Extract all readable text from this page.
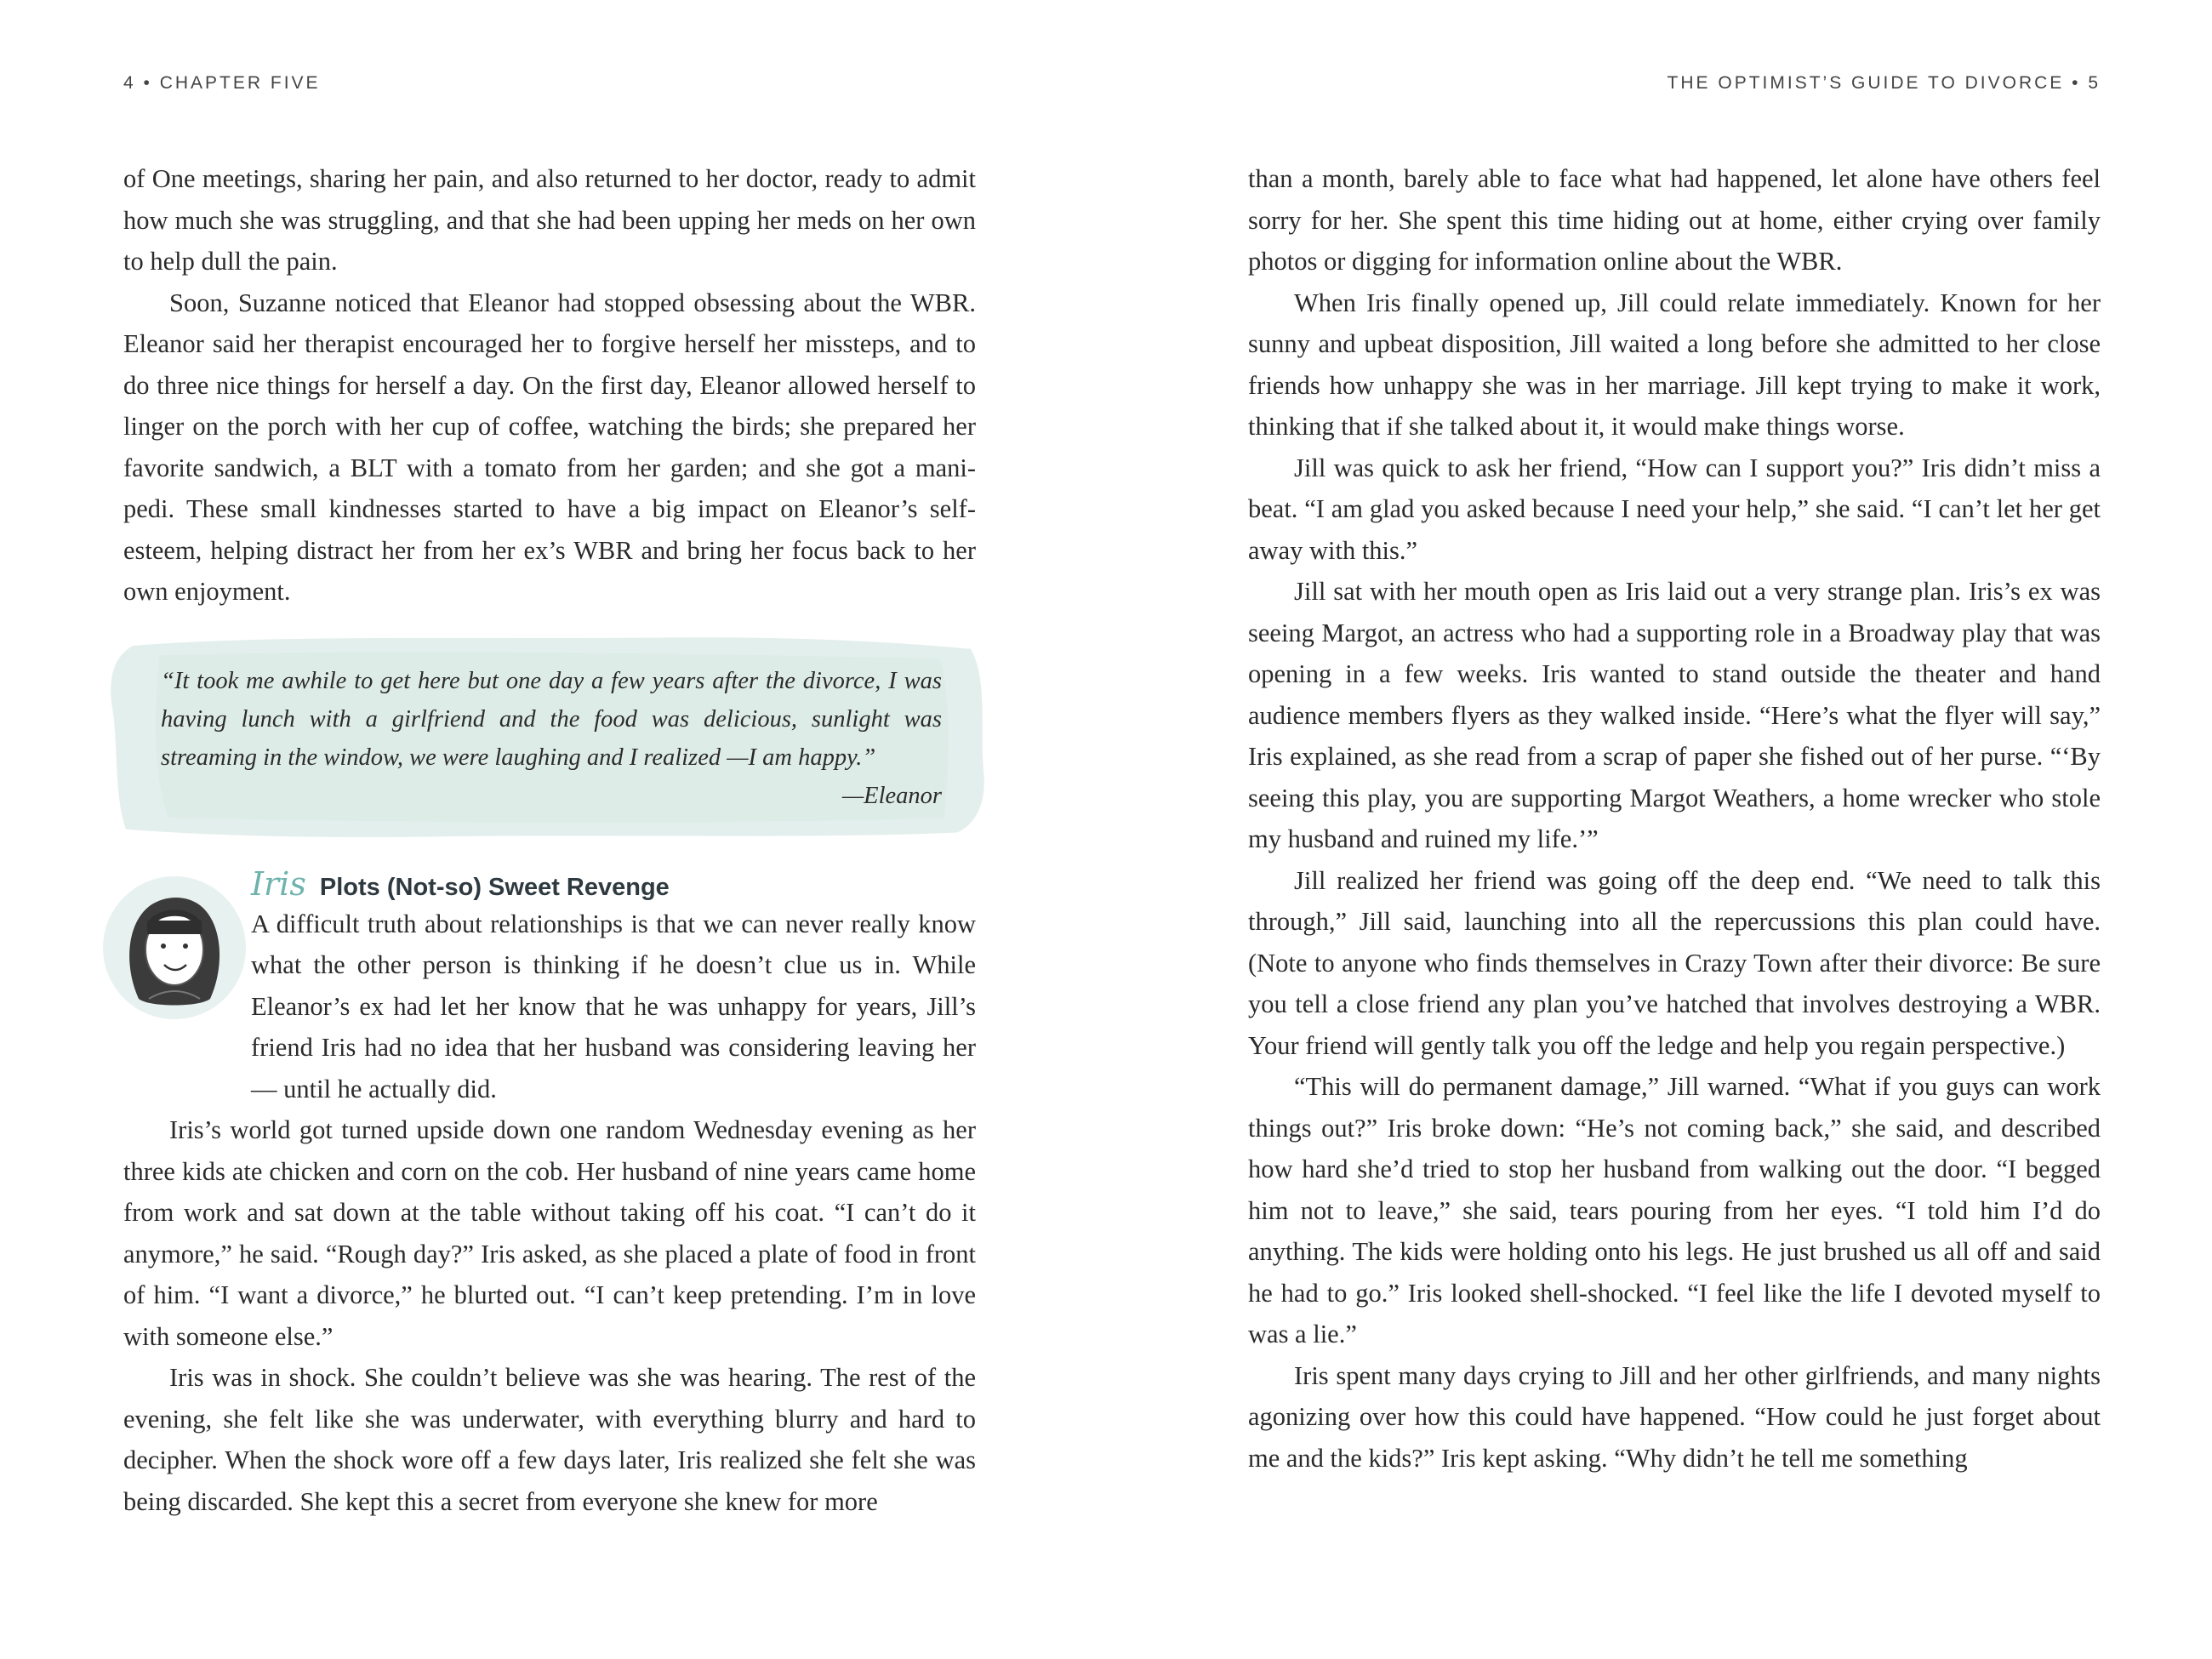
4 • CHAPTER FIVE

of One meetings, sharing her pain, and also returned to her doctor, ready to admit how much she was struggling, and that she had been upping her meds on her own to help dull the pain.

Soon, Suzanne noticed that Eleanor had stopped obsessing about the WBR. Eleanor said her therapist encouraged her to forgive herself her missteps, and to do three nice things for herself a day. On the first day, Eleanor allowed herself to linger on the porch with her cup of coffee, watching the birds; she prepared her favorite sandwich, a BLT with a tomato from her garden; and she got a mani-pedi. These small kindnesses started to have a big impact on Eleanor’s self-esteem, helping distract her from her ex’s WBR and bring her focus back to her own enjoyment.

“It took me awhile to get here but one day a few years after the divorce, I was having lunch with a girlfriend and the food was delicious, sunlight was streaming in the window, we were laughing and I realized —I am happy.”
—Eleanor
Iris Plots (Not-so) Sweet Revenge

A difficult truth about relationships is that we can never really know what the other person is thinking if he doesn’t clue us in. While Eleanor’s ex had let her know that he was unhappy for years, Jill’s friend Iris had no idea that her husband was considering leaving her — until he actually did.

Iris’s world got turned upside down one random Wednesday evening as her three kids ate chicken and corn on the cob. Her husband of nine years came home from work and sat down at the table without taking off his coat. “I can’t do it anymore,” he said. “Rough day?” Iris asked, as she placed a plate of food in front of him. “I want a divorce,” he blurted out. “I can’t keep pretending. I’m in love with someone else.”

Iris was in shock. She couldn’t believe was she was hearing. The rest of the evening, she felt like she was underwater, with everything blurry and hard to decipher. When the shock wore off a few days later, Iris realized she felt she was being discarded. She kept this a secret from everyone she knew for more

THE OPTIMIST’S GUIDE TO DIVORCE • 5

than a month, barely able to face what had happened, let alone have others feel sorry for her. She spent this time hiding out at home, either crying over family photos or digging for information online about the WBR.

When Iris finally opened up, Jill could relate immediately. Known for her sunny and upbeat disposition, Jill waited a long before she admitted to her close friends how unhappy she was in her marriage. Jill kept trying to make it work, thinking that if she talked about it, it would make things worse.

Jill was quick to ask her friend, “How can I support you?” Iris didn’t miss a beat. “I am glad you asked because I need your help,” she said. “I can’t let her get away with this.”

Jill sat with her mouth open as Iris laid out a very strange plan. Iris’s ex was seeing Margot, an actress who had a supporting role in a Broadway play that was opening in a few weeks. Iris wanted to stand outside the theater and hand audience members flyers as they walked inside. “Here’s what the flyer will say,” Iris explained, as she read from a scrap of paper she fished out of her purse. “‘By seeing this play, you are supporting Margot Weathers, a home wrecker who stole my husband and ruined my life.’”

Jill realized her friend was going off the deep end. “We need to talk this through,” Jill said, launching into all the repercussions this plan could have. (Note to anyone who finds themselves in Crazy Town after their divorce: Be sure you tell a close friend any plan you’ve hatched that involves destroying a WBR. Your friend will gently talk you off the ledge and help you regain perspective.)

“This will do permanent damage,” Jill warned. “What if you guys can work things out?” Iris broke down: “He’s not coming back,” she said, and described how hard she’d tried to stop her husband from walking out the door. “I begged him not to leave,” she said, tears pouring from her eyes. “I told him I’d do anything. The kids were holding onto his legs. He just brushed us all off and said he had to go.” Iris looked shell-shocked. “I feel like the life I devoted myself to was a lie.”

Iris spent many days crying to Jill and her other girlfriends, and many nights agonizing over how this could have happened. “How could he just forget about me and the kids?” Iris kept asking. “Why didn’t he tell me something
